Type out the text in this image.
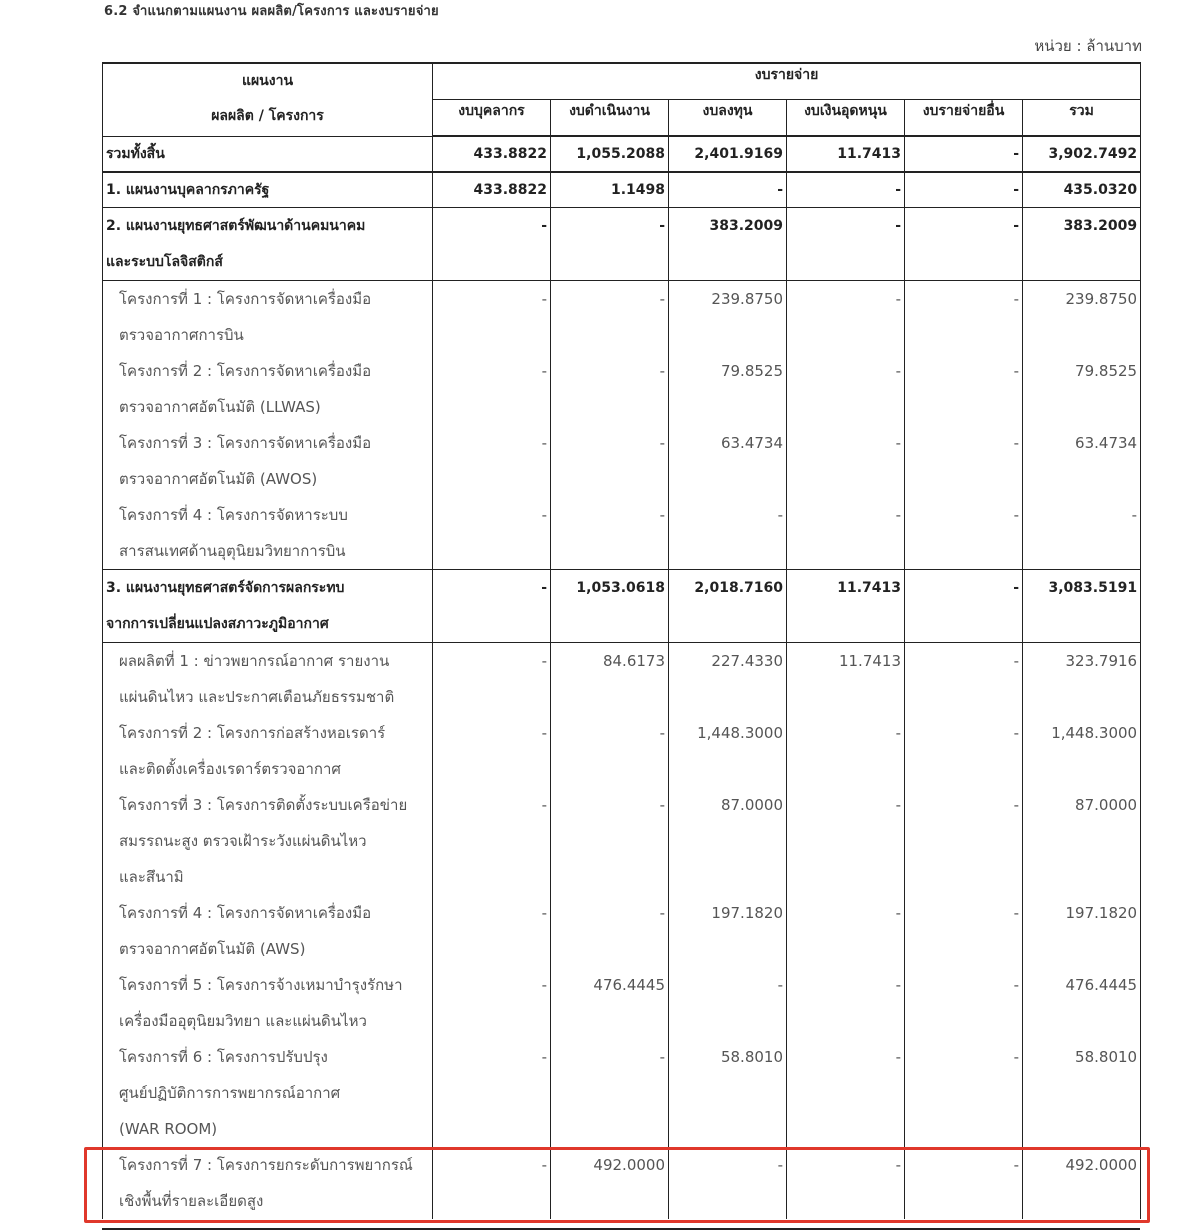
6.2 จำแนกตามแผนงาน ผลผลิต/โครงการ และงบรายจ่าย
หน่วย : ล้านบาท
แผนงาน
ผลผลิต / โครงการ	งบรายจ่าย					
	งบบุคลากร	งบดำเนินงาน	งบลงทุน	งบเงินอุดหนุน	งบรายจ่ายอื่น	รวม

รวมทั้งสิ้น	433.8822	1,055.2088	2,401.9169	11.7413	-	3,902.7492

1. แผนงานบุคลากรภาครัฐ	433.8822	1.1498	-	-	-	435.0320

2. แผนงานยุทธศาสตร์พัฒนาด้านคมนาคม
และระบบโลจิสติกส์	-	-	383.2009	-	-	383.2009

โครงการที่ 1 : โครงการจัดหาเครื่องมือ
ตรวจอากาศการบิน	-	-	239.8750	-	-	239.8750

โครงการที่ 2 : โครงการจัดหาเครื่องมือ
ตรวจอากาศอัตโนมัติ (LLWAS)	-	-	79.8525	-	-	79.8525

โครงการที่ 3 : โครงการจัดหาเครื่องมือ
ตรวจอากาศอัตโนมัติ (AWOS)	-	-	63.4734	-	-	63.4734

โครงการที่ 4 : โครงการจัดหาระบบ
สารสนเทศด้านอุตุนิยมวิทยาการบิน	-	-	-	-	-	-

3. แผนงานยุทธศาสตร์จัดการผลกระทบ
จากการเปลี่ยนแปลงสภาวะภูมิอากาศ	-	1,053.0618	2,018.7160	11.7413	-	3,083.5191

ผลผลิตที่ 1 : ข่าวพยากรณ์อากาศ รายงาน
แผ่นดินไหว และประกาศเตือนภัยธรรมชาติ	-	84.6173	227.4330	11.7413	-	323.7916

โครงการที่ 2 : โครงการก่อสร้างหอเรดาร์
และติดตั้งเครื่องเรดาร์ตรวจอากาศ	-	-	1,448.3000	-	-	1,448.3000

โครงการที่ 3 : โครงการติดตั้งระบบเครือข่าย
สมรรถนะสูง ตรวจเฝ้าระวังแผ่นดินไหว
และสึนามิ	-	-	87.0000	-	-	87.0000

โครงการที่ 4 : โครงการจัดหาเครื่องมือ
ตรวจอากาศอัตโนมัติ (AWS)	-	-	197.1820	-	-	197.1820

โครงการที่ 5 : โครงการจ้างเหมาบำรุงรักษา
เครื่องมืออุตุนิยมวิทยา และแผ่นดินไหว	-	476.4445	-	-	-	476.4445

โครงการที่ 6 : โครงการปรับปรุง
ศูนย์ปฏิบัติการการพยากรณ์อากาศ
(WAR ROOM)	-	-	58.8010	-	-	58.8010

โครงการที่ 7 : โครงการยกระดับการพยากรณ์
เชิงพื้นที่รายละเอียดสูง	-	492.0000	-	-	-	492.0000
